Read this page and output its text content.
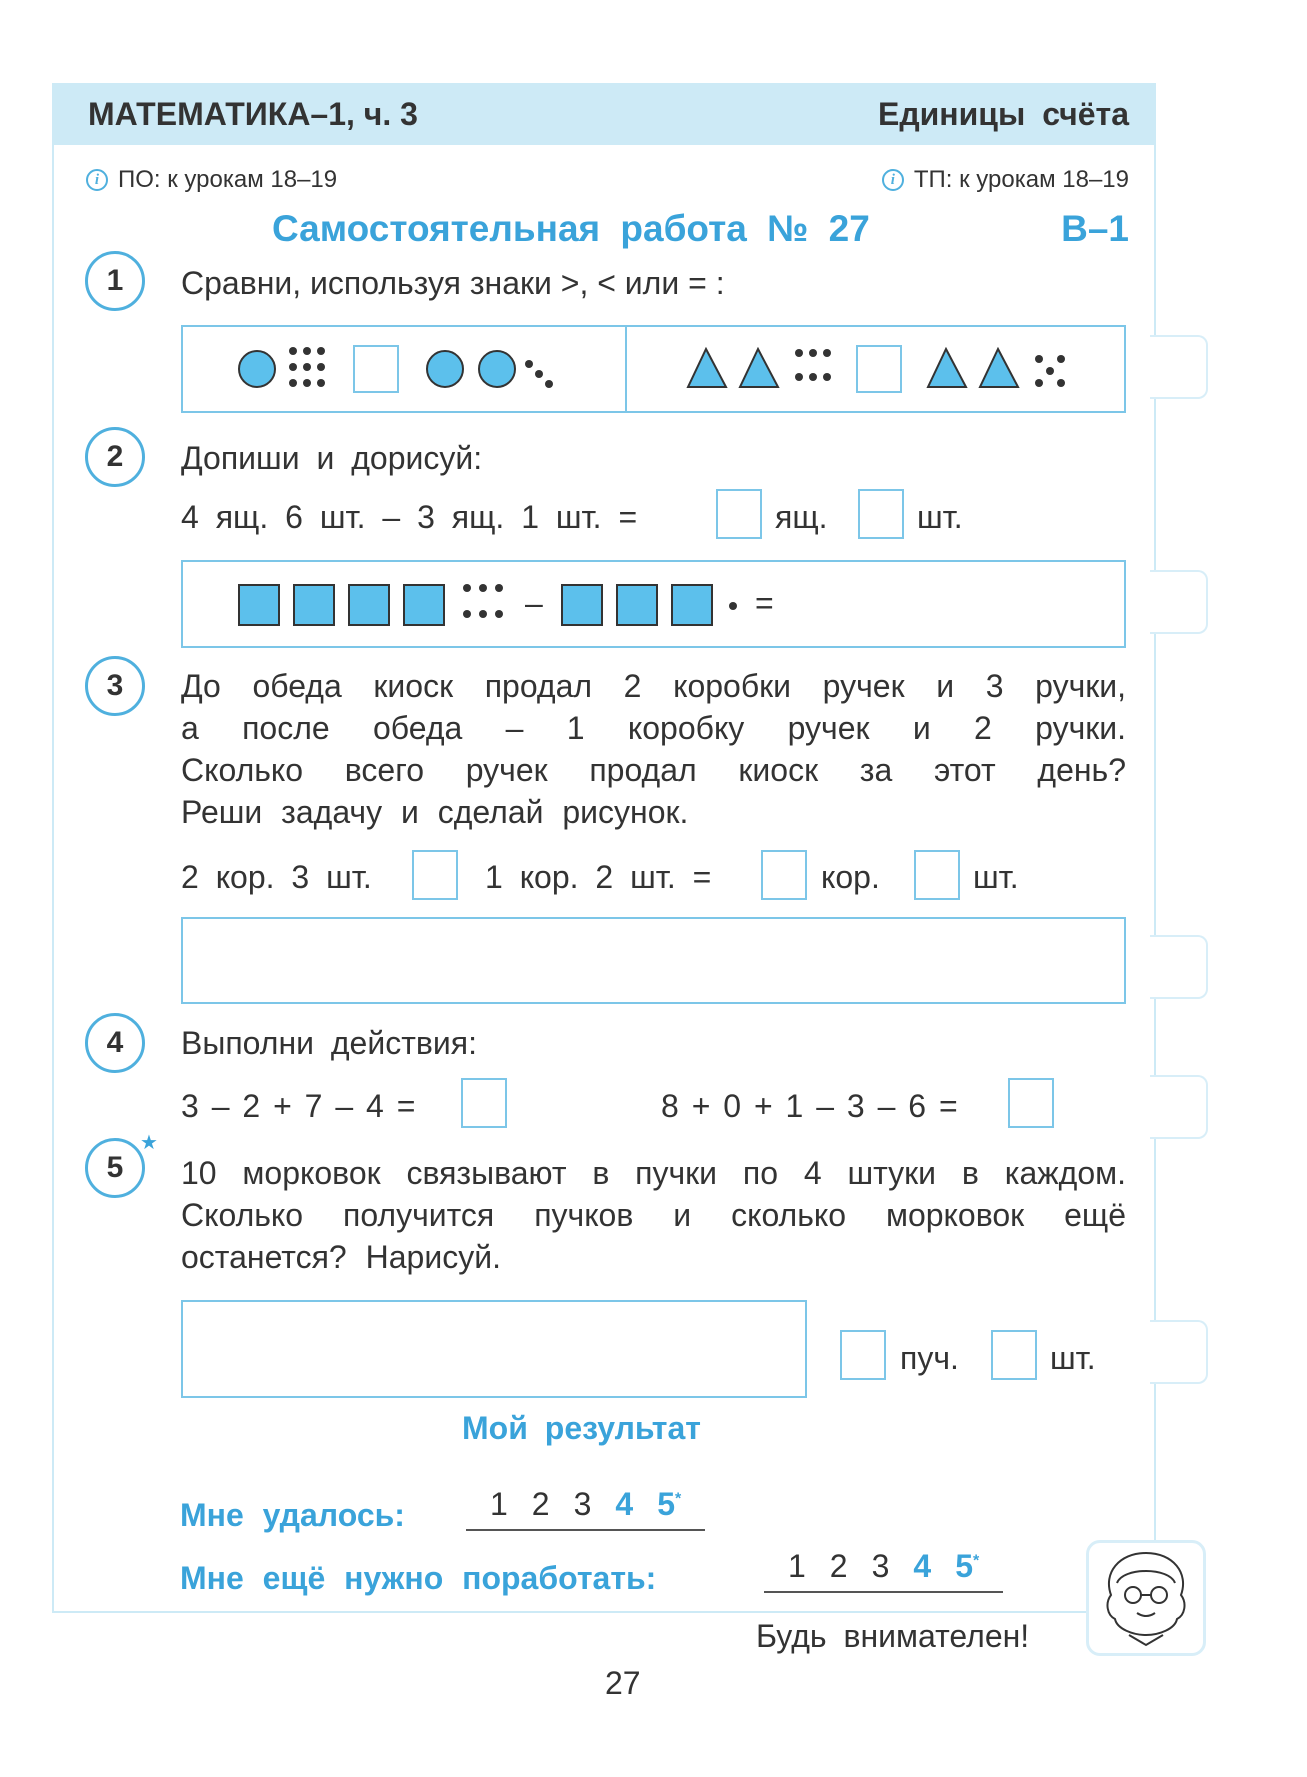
МАТЕМАТИКА–1, ч. 3	Единицы счёта
i ПО: к урокам 18–19	i ТП: к урокам 18–19
Самостоятельная работа № 27	В–1
1	Сравни, используя знаки >, < или = :
2	Допиши и дорисуй:
4 ящ. 6 шт. – 3 ящ. 1 шт. =	ящ.	шт.
–	=
3	До обеда киоск продал 2 коробки ручек и 3 ручки,
а после обеда – 1 коробку ручек и 2 ручки.
Сколько всего ручек продал киоск за этот день?
Реши задачу и сделай рисунок.
2 кор. 3 шт.	1 кор. 2 шт. =	кор.	шт.
4	Выполни действия:
3 – 2 + 7 – 4 =	8 + 0 + 1 – 3 – 6 =
5
★
10 морковок связывают в пучки по 4 штуки в каждом.
Сколько получится пучков и сколько морковок ещё
останется? Нарисуй.
пуч.	шт.
Мой результат
Мне удалось:	1 2 3 4 5*
Мне ещё нужно поработать:	1 2 3 4 5*
Будь внимателен!
27
